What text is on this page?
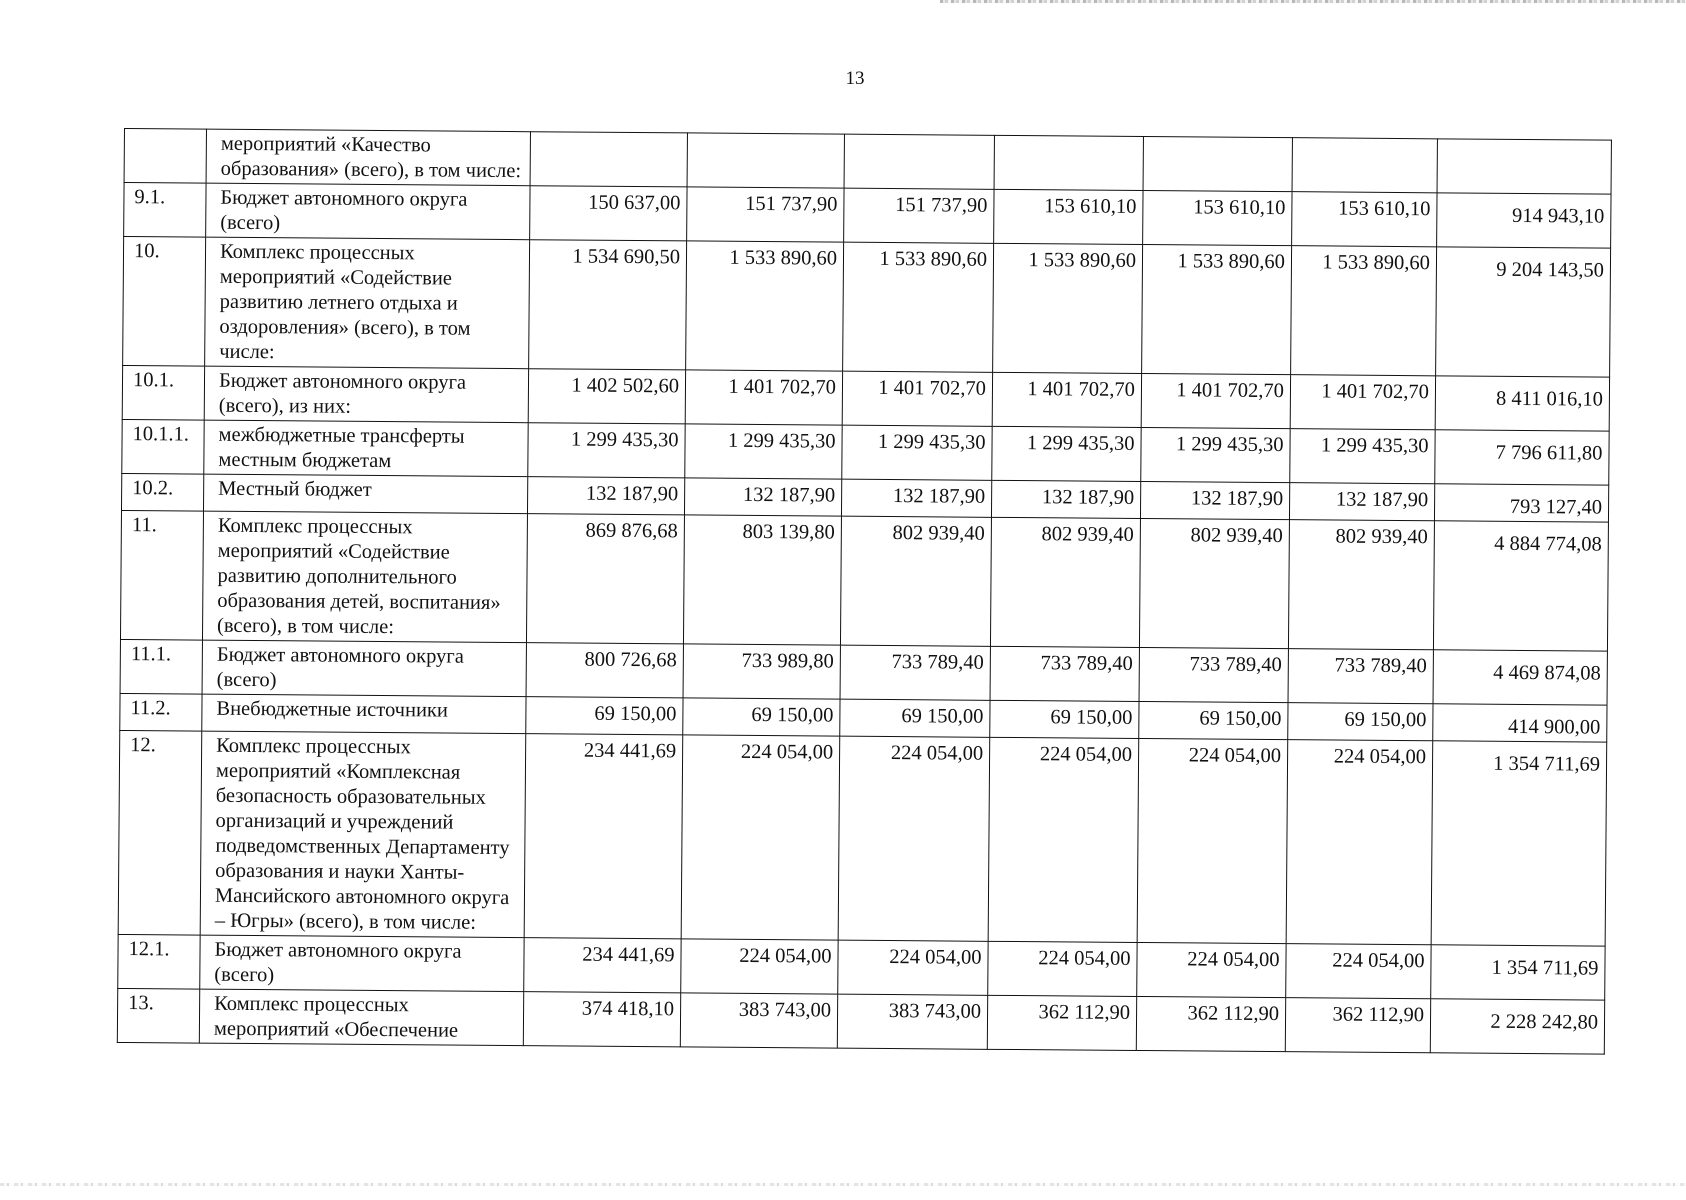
13
	мероприятий «Качество образования» (всего), в том числе:							
9.1.	Бюджет автономного округа (всего)	150 637,00	151 737,90	151 737,90	153 610,10	153 610,10	153 610,10	914 943,10
10.	Комплекс процессных мероприятий «Содействие развитию летнего отдыха и оздоровления» (всего), в том числе:	1 534 690,50	1 533 890,60	1 533 890,60	1 533 890,60	1 533 890,60	1 533 890,60	9 204 143,50
10.1.	Бюджет автономного округа (всего), из них:	1 402 502,60	1 401 702,70	1 401 702,70	1 401 702,70	1 401 702,70	1 401 702,70	8 411 016,10
10.1.1.	межбюджетные трансферты местным бюджетам	1 299 435,30	1 299 435,30	1 299 435,30	1 299 435,30	1 299 435,30	1 299 435,30	7 796 611,80
10.2.	Местный бюджет	132 187,90	132 187,90	132 187,90	132 187,90	132 187,90	132 187,90	793 127,40
11.	Комплекс процессных мероприятий «Содействие развитию дополнительного образования детей, воспитания» (всего), в том числе:	869 876,68	803 139,80	802 939,40	802 939,40	802 939,40	802 939,40	4 884 774,08
11.1.	Бюджет автономного округа (всего)	800 726,68	733 989,80	733 789,40	733 789,40	733 789,40	733 789,40	4 469 874,08
11.2.	Внебюджетные источники	69 150,00	69 150,00	69 150,00	69 150,00	69 150,00	69 150,00	414 900,00
12.	Комплекс процессных мероприятий «Комплексная безопасность образовательных организаций и учреждений подведомственных Департаменту образования и науки Ханты-Мансийского автономного округа – Югры» (всего), в том числе:	234 441,69	224 054,00	224 054,00	224 054,00	224 054,00	224 054,00	1 354 711,69
12.1.	Бюджет автономного округа (всего)	234 441,69	224 054,00	224 054,00	224 054,00	224 054,00	224 054,00	1 354 711,69
13.	Комплекс процессных мероприятий «Обеспечение	374 418,10	383 743,00	383 743,00	362 112,90	362 112,90	362 112,90	2 228 242,80
